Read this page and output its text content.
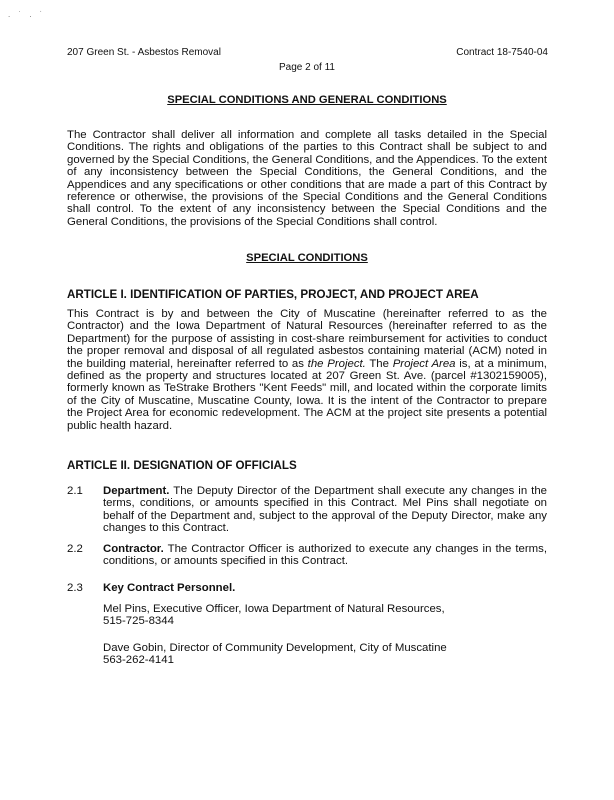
. ˙ . ˙
207 Green St. - Asbestos Removal	Contract 18-7540-04
Page 2 of 11
SPECIAL CONDITIONS AND GENERAL CONDITIONS
The Contractor shall deliver all information and complete all tasks detailed in the Special Conditions. The rights and obligations of the parties to this Contract shall be subject to and governed by the Special Conditions, the General Conditions, and the Appendices. To the extent of any inconsistency between the Special Conditions, the General Conditions, and the Appendices and any specifications or other conditions that are made a part of this Contract by reference or otherwise, the provisions of the Special Conditions and the General Conditions shall control. To the extent of any inconsistency between the Special Conditions and the General Conditions, the provisions of the Special Conditions shall control.
SPECIAL CONDITIONS
ARTICLE I. IDENTIFICATION OF PARTIES, PROJECT, AND PROJECT AREA
This Contract is by and between the City of Muscatine (hereinafter referred to as the Contractor) and the Iowa Department of Natural Resources (hereinafter referred to as the Department) for the purpose of assisting in cost-share reimbursement for activities to conduct the proper removal and disposal of all regulated asbestos containing material (ACM) noted in the building material, hereinafter referred to as the Project. The Project Area is, at a minimum, defined as the property and structures located at 207 Green St. Ave. (parcel #1302159005), formerly known as TeStrake Brothers "Kent Feeds" mill, and located within the corporate limits of the City of Muscatine, Muscatine County, Iowa. It is the intent of the Contractor to prepare the Project Area for economic redevelopment. The ACM at the project site presents a potential public health hazard.
ARTICLE II. DESIGNATION OF OFFICIALS
2.1	Department. The Deputy Director of the Department shall execute any changes in the terms, conditions, or amounts specified in this Contract. Mel Pins shall negotiate on behalf of the Department and, subject to the approval of the Deputy Director, make any changes to this Contract.
2.2	Contractor. The Contractor Officer is authorized to execute any changes in the terms, conditions, or amounts specified in this Contract.
2.3	Key Contract Personnel.
Mel Pins, Executive Officer, Iowa Department of Natural Resources,
515-725-8344
Dave Gobin, Director of Community Development, City of Muscatine
563-262-4141
